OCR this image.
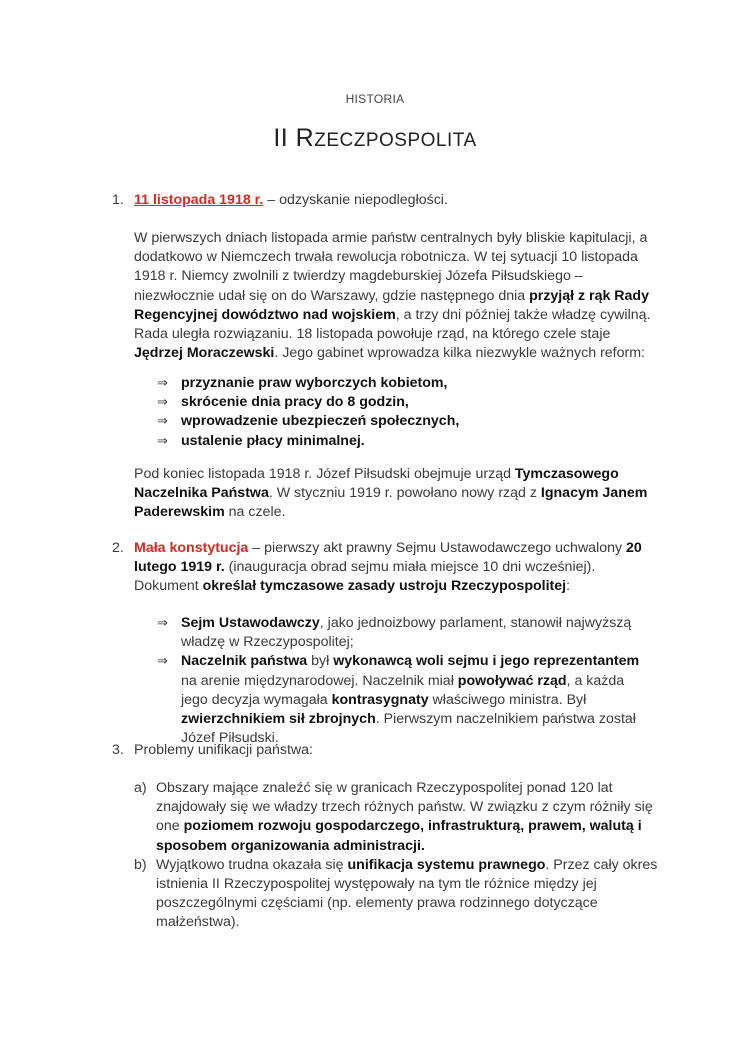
HISTORIA
II RZECZPOSPOLITA
1. 11 listopada 1918 r. – odzyskanie niepodległości.

W pierwszych dniach listopada armie państw centralnych były bliskie kapitulacji, a dodatkowo w Niemczech trwała rewolucja robotnicza. W tej sytuacji 10 listopada 1918 r. Niemcy zwolnili z twierdzy magdeburskiej Józefa Piłsudskiego – niezwłocznie udał się on do Warszawy, gdzie następnego dnia przyjął z rąk Rady Regencyjnej dowództwo nad wojskiem, a trzy dni później także władzę cywilną. Rada uległa rozwiązaniu. 18 listopada powołuje rząd, na którego czele staje Jędrzej Moraczewski. Jego gabinet wprowadza kilka niezwykle ważnych reform:

⇒ przyznanie praw wyborczych kobietom,
⇒ skrócenie dnia pracy do 8 godzin,
⇒ wprowadzenie ubezpieczeń społecznych,
⇒ ustalenie płacy minimalnej.

Pod koniec listopada 1918 r. Józef Piłsudski obejmuje urząd Tymczasowego Naczelnika Państwa. W styczniu 1919 r. powołano nowy rząd z Ignacym Janem Paderewskim na czele.

2. Mała konstytucja – pierwszy akt prawny Sejmu Ustawodawczego uchwalony 20 lutego 1919 r. (inauguracja obrad sejmu miała miejsce 10 dni wcześniej). Dokument określał tymczasowe zasady ustroju Rzeczypospolitej:

⇒ Sejm Ustawodawczy, jako jednoizbowy parlament, stanowił najwyższą władzę w Rzeczypospolitej;
⇒ Naczelnik państwa był wykonawcą woli sejmu i jego reprezentantem na arenie międzynarodowej. Naczelnik miał powoływać rząd, a każda jego decyzja wymagała kontrasygnaty właściwego ministra. Był zwierzchnikiem sił zbrojnych. Pierwszym naczelnikiem państwa został Józef Piłsudski.
3. Problemy unifikacji państwa:
a) Obszary mające znaleźć się w granicach Rzeczypospolitej ponad 120 lat znajdowały się we władzy trzech różnych państw. W związku z czym różniły się one poziomem rozwoju gospodarczego, infrastrukturą, prawem, walutą i sposobem organizowania administracji.
b) Wyjątkowo trudna okazała się unifikacja systemu prawnego. Przez cały okres istnienia II Rzeczypospolitej występowały na tym tle różnice między jej poszczególnymi częściami (np. elementy prawa rodzinnego dotyczące małżeństwa).
